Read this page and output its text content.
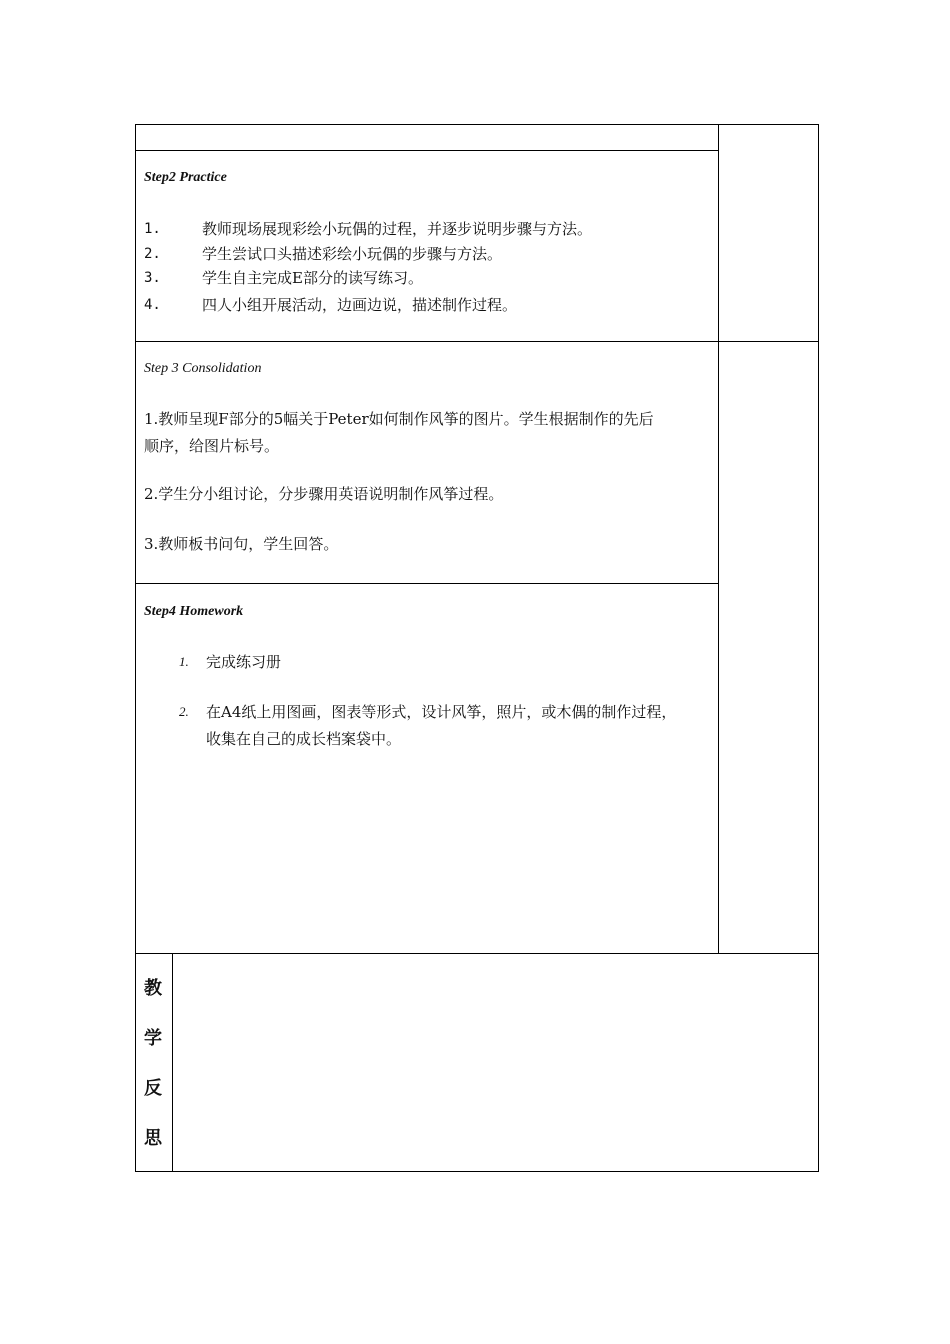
Step2 Practice
1.	教师现场展现彩绘小玩偶的过程，并逐步说明步骤与方法。
2.	学生尝试口头描述彩绘小玩偶的步骤与方法。
3.	学生自主完成E部分的读写练习。
4.	四人小组开展活动，边画边说，描述制作过程。
Step 3 Consolidation
1.教师呈现F部分的5幅关于Peter如何制作风筝的图片。学生根据制作的先后
顺序，给图片标号。
2.学生分小组讨论，分步骤用英语说明制作风筝过程。
3.教师板书问句，学生回答。
Step4 Homework
1. 完成练习册
2. 在A4纸上用图画，图表等形式，设计风筝，照片，或木偶的制作过程，
收集在自己的成长档案袋中。
教
学
反
思
